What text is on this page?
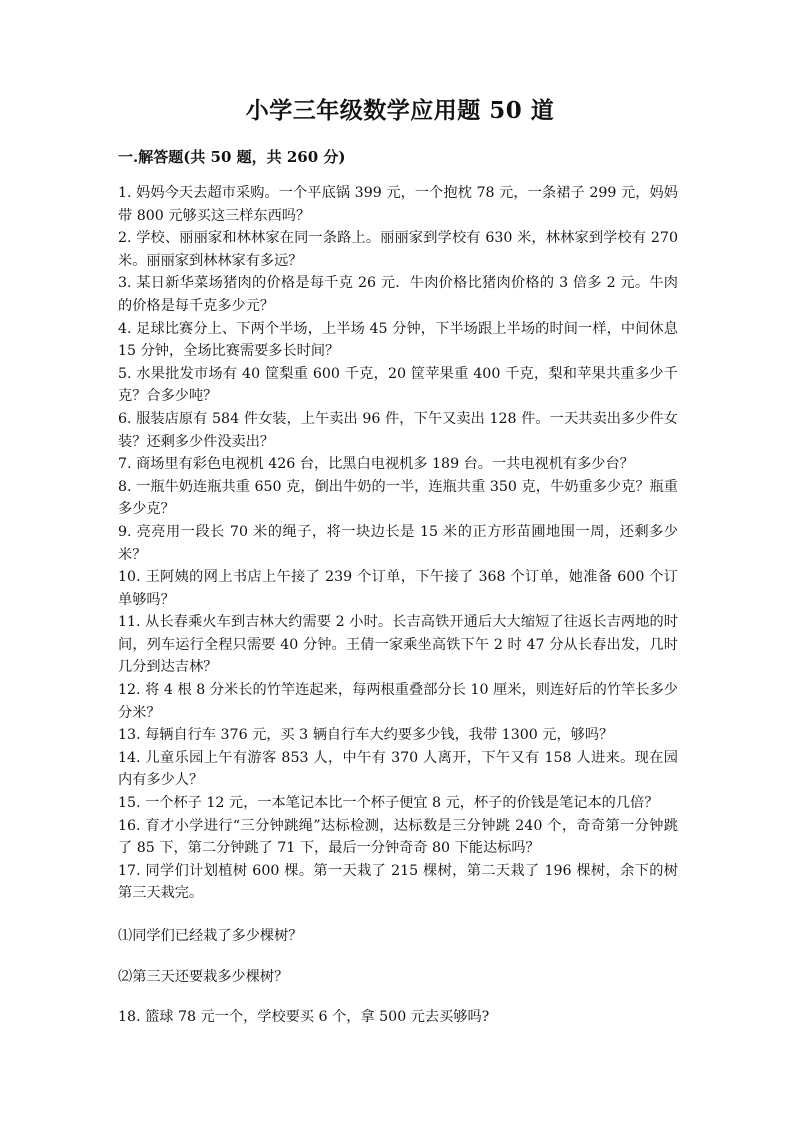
小学三年级数学应用题 50 道
一.解答题(共 50 题，共 260 分)

1. 妈妈今天去超市采购。一个平底锅 399 元，一个抱枕 78 元，一条裙子 299 元，妈妈带 800 元够买这三样东西吗？

2. 学校、丽丽家和林林家在同一条路上。丽丽家到学校有 630 米，林林家到学校有 270 米。丽丽家到林林家有多远？

3. 某日新华菜场猪肉的价格是每千克 26 元．牛肉价格比猪肉价格的 3 倍多 2 元。牛肉的价格是每千克多少元？

4. 足球比赛分上、下两个半场，上半场 45 分钟，下半场跟上半场的时间一样，中间休息 15 分钟，全场比赛需要多长时间？

5. 水果批发市场有 40 筐梨重 600 千克，20 筐苹果重 400 千克，梨和苹果共重多少千克？合多少吨？

6. 服装店原有 584 件女装，上午卖出 96 件，下午又卖出 128 件。一天共卖出多少件女装？还剩多少件没卖出？

7. 商场里有彩色电视机 426 台，比黑白电视机多 189 台。一共电视机有多少台？

8. 一瓶牛奶连瓶共重 650 克，倒出牛奶的一半，连瓶共重 350 克，牛奶重多少克？瓶重多少克？

9. 亮亮用一段长 70 米的绳子，将一块边长是 15 米的正方形苗圃地围一周，还剩多少米？

10. 王阿姨的网上书店上午接了 239 个订单，下午接了 368 个订单，她准备 600 个订单够吗？

11. 从长春乘火车到吉林大约需要 2 小时。长吉高铁开通后大大缩短了往返长吉两地的时间，列车运行全程只需要 40 分钟。王倩一家乘坐高铁下午 2 时 47 分从长春出发，几时几分到达吉林？

12. 将 4 根 8 分米长的竹竿连起来，每两根重叠部分长 10 厘米，则连好后的竹竿长多少分米？

13. 每辆自行车 376 元，买 3 辆自行车大约要多少钱，我带 1300 元，够吗？

14. 儿童乐园上午有游客 853 人，中午有 370 人离开，下午又有 158 人进来。现在园内有多少人？

15. 一个杯子 12 元，一本笔记本比一个杯子便宜 8 元，杯子的价钱是笔记本的几倍？

16. 育才小学进行“三分钟跳绳”达标检测，达标数是三分钟跳 240 个，奇奇第一分钟跳了 85 下，第二分钟跳了 71 下，最后一分钟奇奇 80 下能达标吗？

17. 同学们计划植树 600 棵。第一天栽了 215 棵树，第二天栽了 196 棵树，余下的树第三天栽完。

⑴同学们已经栽了多少棵树？

⑵第三天还要栽多少棵树？

18. 篮球 78 元一个，学校要买 6 个，拿 500 元去买够吗?
